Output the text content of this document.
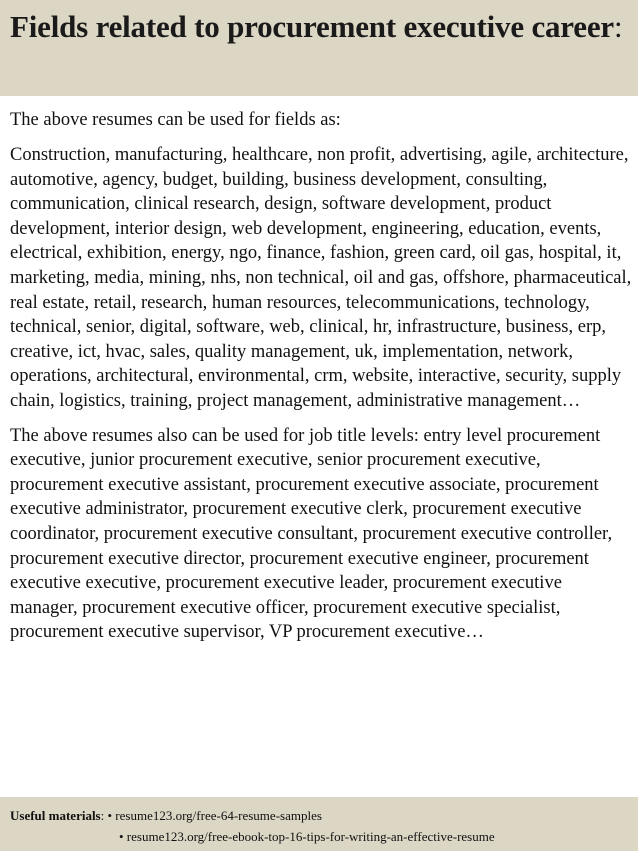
Fields related to procurement executive career:

The above resumes can be used for fields as:

Construction, manufacturing, healthcare, non profit, advertising, agile, architecture, automotive, agency, budget, building, business development, consulting, communication, clinical research, design, software development, product development, interior design, web development, engineering, education, events, electrical, exhibition, energy, ngo, finance, fashion, green card, oil gas, hospital, it, marketing, media, mining, nhs, non technical, oil and gas, offshore, pharmaceutical, real estate, retail, research, human resources, telecommunications, technology, technical, senior, digital, software, web, clinical, hr, infrastructure, business, erp, creative, ict, hvac, sales, quality management, uk, implementation, network, operations, architectural, environmental, crm, website, interactive, security, supply chain, logistics, training, project management, administrative management…

The above resumes also can be used for job title levels: entry level procurement executive, junior procurement executive, senior procurement executive, procurement executive assistant, procurement executive associate, procurement executive administrator, procurement executive clerk, procurement executive coordinator, procurement executive consultant, procurement executive controller, procurement executive director, procurement executive engineer, procurement executive executive, procurement executive leader, procurement executive manager, procurement executive officer, procurement executive specialist, procurement executive supervisor, VP procurement executive…

Useful materials: • resume123.org/free-64-resume-samples
• resume123.org/free-ebook-top-16-tips-for-writing-an-effective-resume
